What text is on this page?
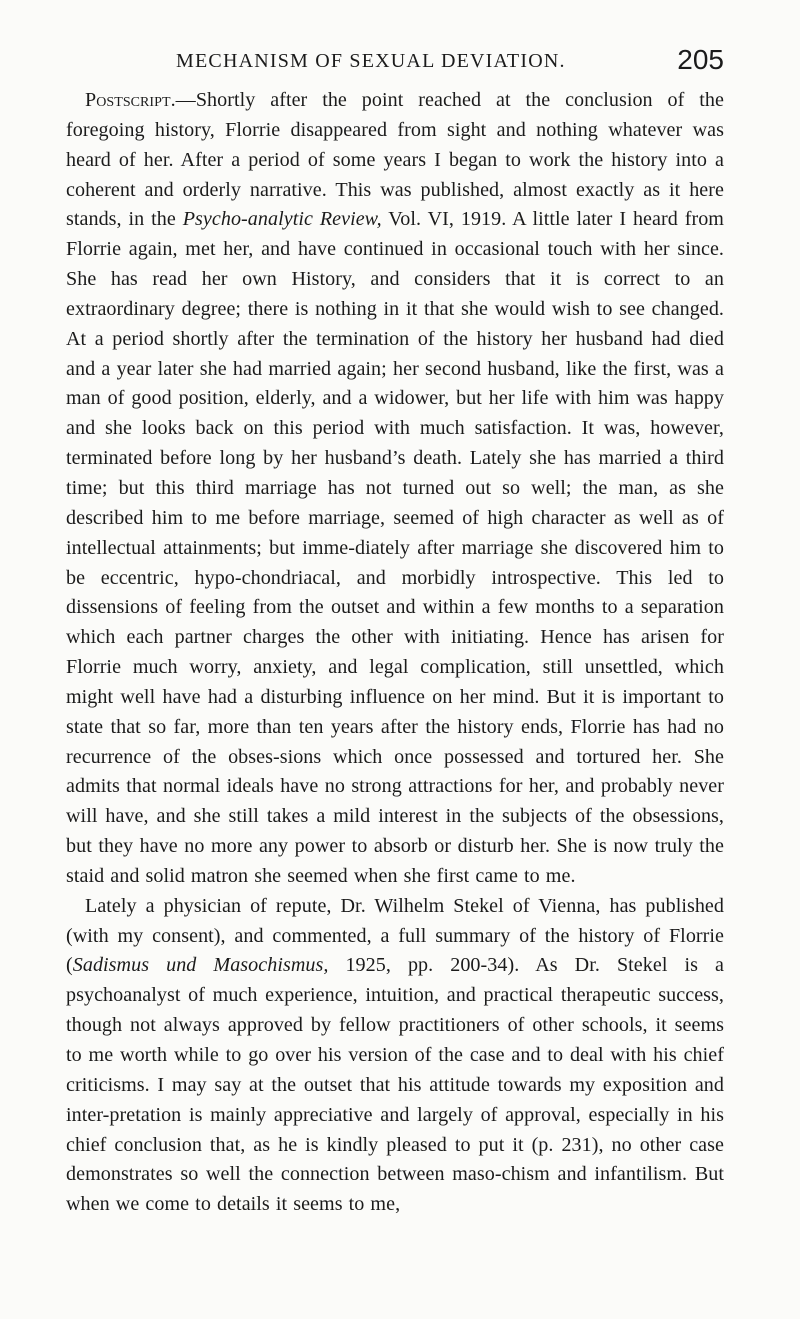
MECHANISM OF SEXUAL DEVIATION.	205

Postscript.—Shortly after the point reached at the conclusion of the foregoing history, Florrie disappeared from sight and nothing whatever was heard of her. After a period of some years I began to work the history into a coherent and orderly narrative. This was published, almost exactly as it here stands, in the Psycho-analytic Review, Vol. VI, 1919. A little later I heard from Florrie again, met her, and have continued in occasional touch with her since. She has read her own History, and considers that it is correct to an extraordinary degree; there is nothing in it that she would wish to see changed. At a period shortly after the termination of the history her husband had died and a year later she had married again; her second husband, like the first, was a man of good position, elderly, and a widower, but her life with him was happy and she looks back on this period with much satisfaction. It was, however, terminated before long by her husband’s death. Lately she has married a third time; but this third marriage has not turned out so well; the man, as she described him to me before marriage, seemed of high character as well as of intellectual attainments; but imme-diately after marriage she discovered him to be eccentric, hypo-chondriacal, and morbidly introspective. This led to dissensions of feeling from the outset and within a few months to a separation which each partner charges the other with initiating. Hence has arisen for Florrie much worry, anxiety, and legal complication, still unsettled, which might well have had a disturbing influence on her mind. But it is important to state that so far, more than ten years after the history ends, Florrie has had no recurrence of the obses-sions which once possessed and tortured her. She admits that normal ideals have no strong attractions for her, and probably never will have, and she still takes a mild interest in the subjects of the obsessions, but they have no more any power to absorb or disturb her. She is now truly the staid and solid matron she seemed when she first came to me.

Lately a physician of repute, Dr. Wilhelm Stekel of Vienna, has published (with my consent), and commented, a full summary of the history of Florrie (Sadismus und Masochismus, 1925, pp. 200-34). As Dr. Stekel is a psychoanalyst of much experience, intuition, and practical therapeutic success, though not always approved by fellow practitioners of other schools, it seems to me worth while to go over his version of the case and to deal with his chief criticisms. I may say at the outset that his attitude towards my exposition and inter-pretation is mainly appreciative and largely of approval, especially in his chief conclusion that, as he is kindly pleased to put it (p. 231), no other case demonstrates so well the connection between maso-chism and infantilism. But when we come to details it seems to me,
